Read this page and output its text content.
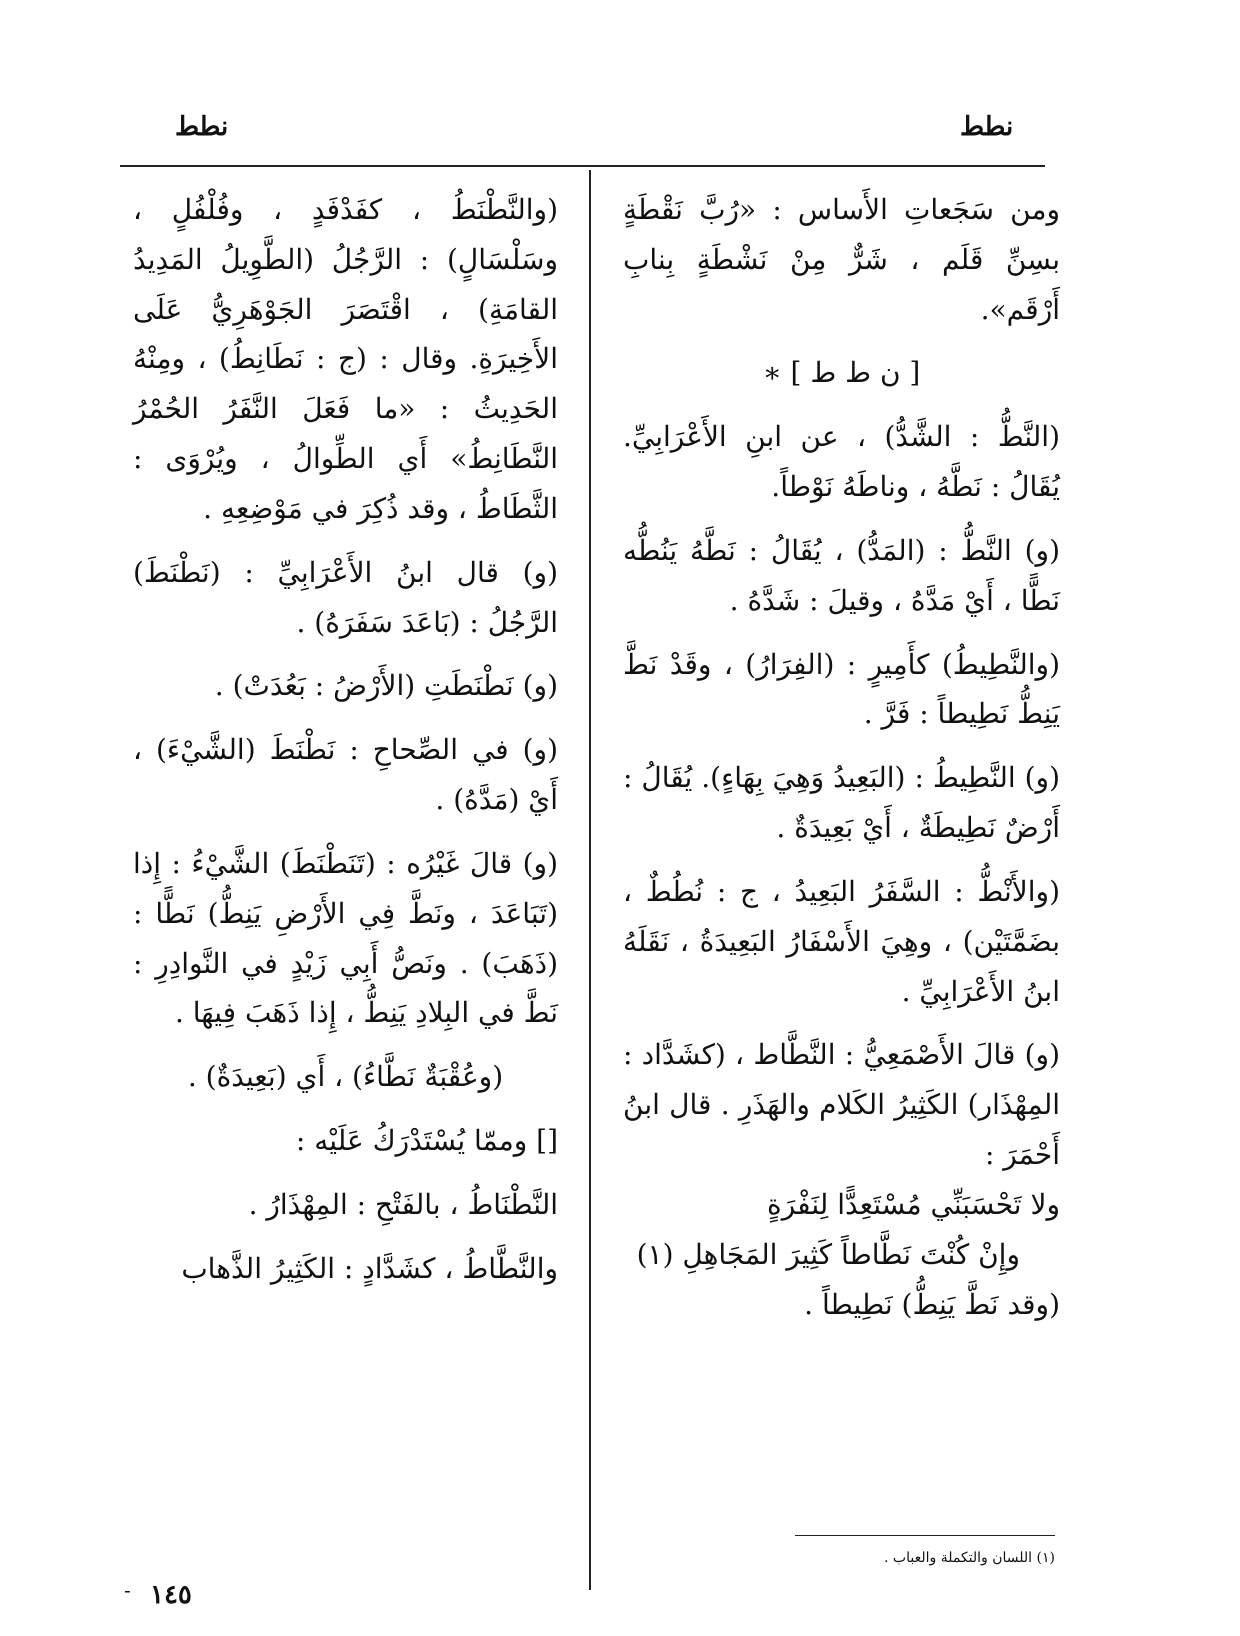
نطط
نطط

ومن سَجَعاتِ الأَساس : «رُبَّ نَقْطَةٍ بسِنِّ قَلَم ، شَرٌّ مِنْ نَشْطَةٍ بِنابِ أَرْقَم».

[ ن ط ط ] ∗

(النَّطُّ : الشَّدُّ) ، عن ابنِ الأَعْرَابِيِّ. يُقَالُ : نَطَّهُ ، وناطَهُ نَوْطاً.

(و) النَّطُّ : (المَدُّ) ، يُقَالُ : نَطَّهُ يَنُطُّه نَطًّا ، أَيْ مَدَّهُ ، وقيلَ : شَدَّهُ .

(والنَّطِيطُ) كأَمِيرٍ : (الفِرَارُ) ، وقَدْ نَطَّ يَنِطُّ نَطِيطاً : فَرَّ .

(و) النَّطِيطُ : (البَعِيدُ وَهِيَ بِهَاءٍ). يُقَالُ : أَرْضٌ نَطِيطَةٌ ، أَيْ بَعِيدَةٌ .

(والأَنْطُّ : السَّفَرُ البَعِيدُ ، ج : نُطُطٌ ، بضَمَّتَيْن) ، وهِيَ الأَسْفَارُ البَعِيدَةُ ، نَقَلَهُ ابنُ الأَعْرَابِيِّ .

(و) قالَ الأَصْمَعِيُّ : النَّطَّاط ، (كشَدَّاد : المِهْذَار) الكَثِيرُ الكَلام والهَذَرِ . قال ابنُ أَحْمَرَ :

ولا تَحْسَبَنِّي مُسْتَعِدًّا لِنَفْرَةٍ

وإِنْ كُنْتَ نَطَّاطاً كَثِيرَ المَجَاهِلِ (١)

(وقد نَطَّ يَنِطُّ) نَطِيطاً .

(والنَّطْنَطُ ، كفَدْفَدٍ ، وفُلْفُلٍ ، وسَلْسَالٍ) : الرَّجُلُ (الطَّوِيلُ المَدِيدُ القامَةِ) ، اقْتَصَرَ الجَوْهَرِيُّ عَلَى الأَخِيرَةِ. وقال : (ج : نَطَانِطُ) ، ومِنْهُ الحَدِيثُ : «ما فَعَلَ النَّفَرُ الحُمْرُ النَّطَانِطُ» أَي الطِّوالُ ، ويُرْوَى : الثَّطَاطُ ، وقد ذُكِرَ في مَوْضِعِهِ .

(و) قال ابنُ الأَعْرَابِيِّ : (نَطْنَطَ) الرَّجُلُ : (بَاعَدَ سَفَرَهُ) .

(و) نَطْنَطَتِ (الأَرْضُ : بَعُدَتْ) .

(و) في الصِّحاحِ : نَطْنَطَ (الشَّيْءَ) ، أَيْ (مَدَّهُ) .

(و) قالَ غَيْرُه : (تَنَطْنَطَ) الشَّيْءُ : إِذا (تَبَاعَدَ ، ونَطَّ فِي الأَرْضِ يَنِطُّ) نَطًّا : (ذَهَبَ) . ونَصُّ أَبِي زَيْدٍ في النَّوادِرِ : نَطَّ في البِلادِ يَنِطُّ ، إِذا ذَهَبَ فِيهَا .

(وعُقْبَةٌ نَطَّاءُ) ، أَي (بَعِيدَةٌ) .

[] وممّا يُسْتَدْرَكُ عَلَيْه :

النَّطْنَاطُ ، بالفَتْحِ : المِهْذَارُ .

والنَّطَّاطُ ، كشَدَّادٍ : الكَثِيرُ الذَّهاب

(١) اللسان والتكملة والعباب .
- ١٤٥
